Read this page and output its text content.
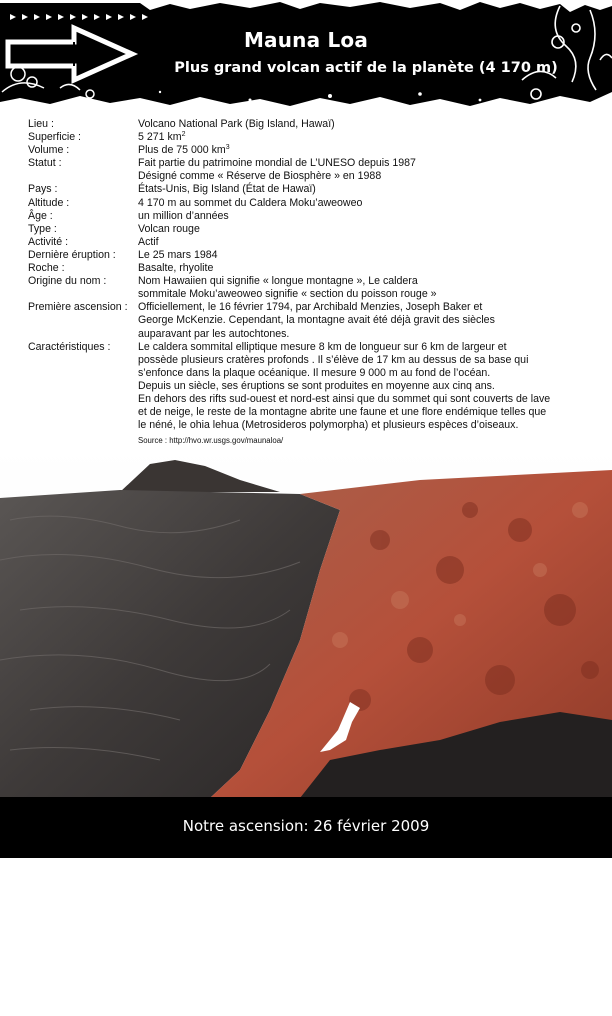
Mauna Loa
Plus grand volcan actif de la planète (4 170 m)
Lieu :	Volcano National Park (Big Island, Hawaï)
Superficie :	5 271 $km^2$
Volume :	Plus de 75 000 $km^3$
Statut :	Fait partie du patrimoine mondial de L’UNESO depuis 1987
Désigné comme « Réserve de Biosphère » en 1988
Pays :	États-Unis, Big Island (État de Hawaï)
Altitude :	4 170 m au sommet du Caldera Moku’aweoweo
Âge :	un million d’années
Type :	Volcan rouge
Activité :	Actif
Dernière éruption :	Le 25 mars 1984
Roche :	Basalte, rhyolite
Origine du nom :	Nom Hawaiien qui signifie « longue montagne », Le caldera
sommitale Moku’aweoweo signifie « section du poisson rouge »
Première ascension : Officiellement, le 16 février 1794, par Archibald Menzies, Joseph Baker et
George McKenzie. Cependant, la montagne avait été déjà gravit des siècles
auparavant par les autochtones.
Caractéristiques :	Le caldera sommital elliptique mesure 8 km de longueur sur 6 km de largeur et
possède plusieurs cratères profonds . Il s’élève de 17 km au dessus de sa base qui
s’enfonce dans la plaque océanique. Il mesure 9 000 m au fond de l’océan.
Depuis un siècle, ses éruptions se sont produites en moyenne aux cinq ans.
En dehors des rifts sud-ouest et nord-est ainsi que du sommet qui sont couverts de lave
et de neige, le reste de la montagne abrite une faune et une flore endémique telles que
le néné, le ohia lehua (Metrosideros polymorpha) et plusieurs espèces d’oiseaux.
Source : http://hvo.wr.usgs.gov/maunaloa/
Notre ascension: 26 février 2009
